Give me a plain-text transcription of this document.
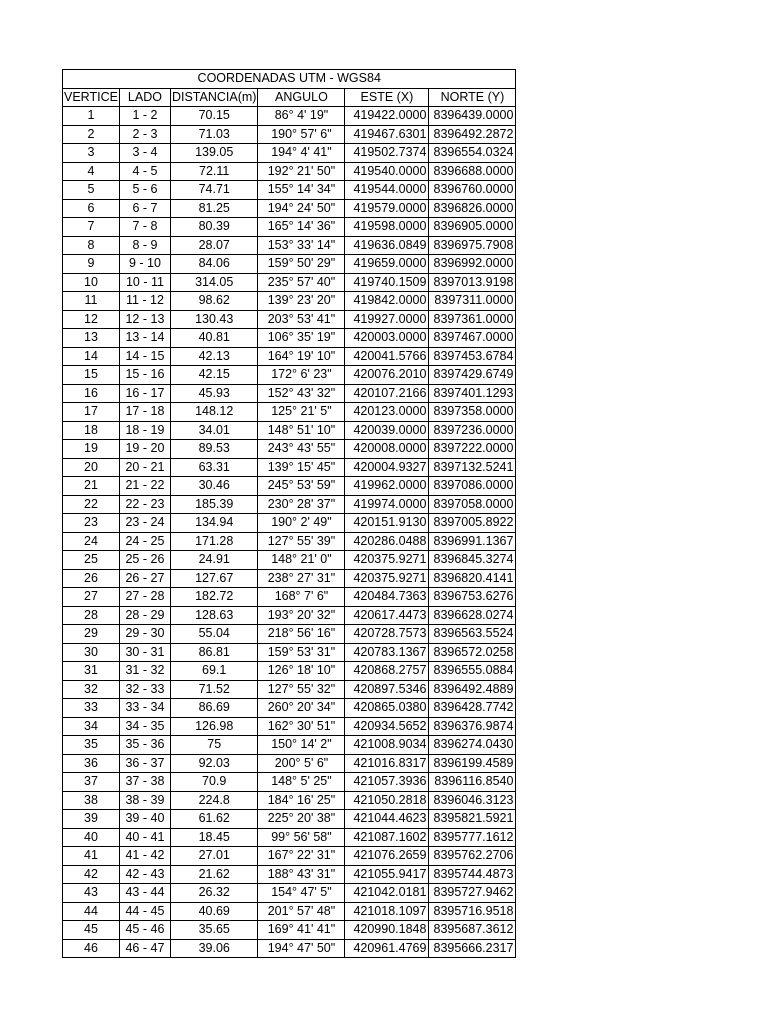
COORDENADAS UTM - WGS84					
VERTICE	LADO	DISTANCIA(m)	ANGULO	ESTE (X)	NORTE (Y)
1	1 - 2	70.15	86° 4' 19"	419422.0000	8396439.0000
2	2 - 3	71.03	190° 57' 6"	419467.6301	8396492.2872
3	3 - 4	139.05	194° 4' 41"	419502.7374	8396554.0324
4	4 - 5	72.11	192° 21' 50"	419540.0000	8396688.0000
5	5 - 6	74.71	155° 14' 34"	419544.0000	8396760.0000
6	6 - 7	81.25	194° 24' 50"	419579.0000	8396826.0000
7	7 - 8	80.39	165° 14' 36"	419598.0000	8396905.0000
8	8 - 9	28.07	153° 33' 14"	419636.0849	8396975.7908
9	9 - 10	84.06	159° 50' 29"	419659.0000	8396992.0000
10	10 - 11	314.05	235° 57' 40"	419740.1509	8397013.9198
11	11 - 12	98.62	139° 23' 20"	419842.0000	8397311.0000
12	12 - 13	130.43	203° 53' 41"	419927.0000	8397361.0000
13	13 - 14	40.81	106° 35' 19"	420003.0000	8397467.0000
14	14 - 15	42.13	164° 19' 10"	420041.5766	8397453.6784
15	15 - 16	42.15	172° 6' 23"	420076.2010	8397429.6749
16	16 - 17	45.93	152° 43' 32"	420107.2166	8397401.1293
17	17 - 18	148.12	125° 21' 5"	420123.0000	8397358.0000
18	18 - 19	34.01	148° 51' 10"	420039.0000	8397236.0000
19	19 - 20	89.53	243° 43' 55"	420008.0000	8397222.0000
20	20 - 21	63.31	139° 15' 45"	420004.9327	8397132.5241
21	21 - 22	30.46	245° 53' 59"	419962.0000	8397086.0000
22	22 - 23	185.39	230° 28' 37"	419974.0000	8397058.0000
23	23 - 24	134.94	190° 2' 49"	420151.9130	8397005.8922
24	24 - 25	171.28	127° 55' 39"	420286.0488	8396991.1367
25	25 - 26	24.91	148° 21' 0"	420375.9271	8396845.3274
26	26 - 27	127.67	238° 27' 31"	420375.9271	8396820.4141
27	27 - 28	182.72	168° 7' 6"	420484.7363	8396753.6276
28	28 - 29	128.63	193° 20' 32"	420617.4473	8396628.0274
29	29 - 30	55.04	218° 56' 16"	420728.7573	8396563.5524
30	30 - 31	86.81	159° 53' 31"	420783.1367	8396572.0258
31	31 - 32	69.1	126° 18' 10"	420868.2757	8396555.0884
32	32 - 33	71.52	127° 55' 32"	420897.5346	8396492.4889
33	33 - 34	86.69	260° 20' 34"	420865.0380	8396428.7742
34	34 - 35	126.98	162° 30' 51"	420934.5652	8396376.9874
35	35 - 36	75	150° 14' 2"	421008.9034	8396274.0430
36	36 - 37	92.03	200° 5' 6"	421016.8317	8396199.4589
37	37 - 38	70.9	148° 5' 25"	421057.3936	8396116.8540
38	38 - 39	224.8	184° 16' 25"	421050.2818	8396046.3123
39	39 - 40	61.62	225° 20' 38"	421044.4623	8395821.5921
40	40 - 41	18.45	99° 56' 58"	421087.1602	8395777.1612
41	41 - 42	27.01	167° 22' 31"	421076.2659	8395762.2706
42	42 - 43	21.62	188° 43' 31"	421055.9417	8395744.4873
43	43 - 44	26.32	154° 47' 5"	421042.0181	8395727.9462
44	44 - 45	40.69	201° 57' 48"	421018.1097	8395716.9518
45	45 - 46	35.65	169° 41' 41"	420990.1848	8395687.3612
46	46 - 47	39.06	194° 47' 50"	420961.4769	8395666.2317
